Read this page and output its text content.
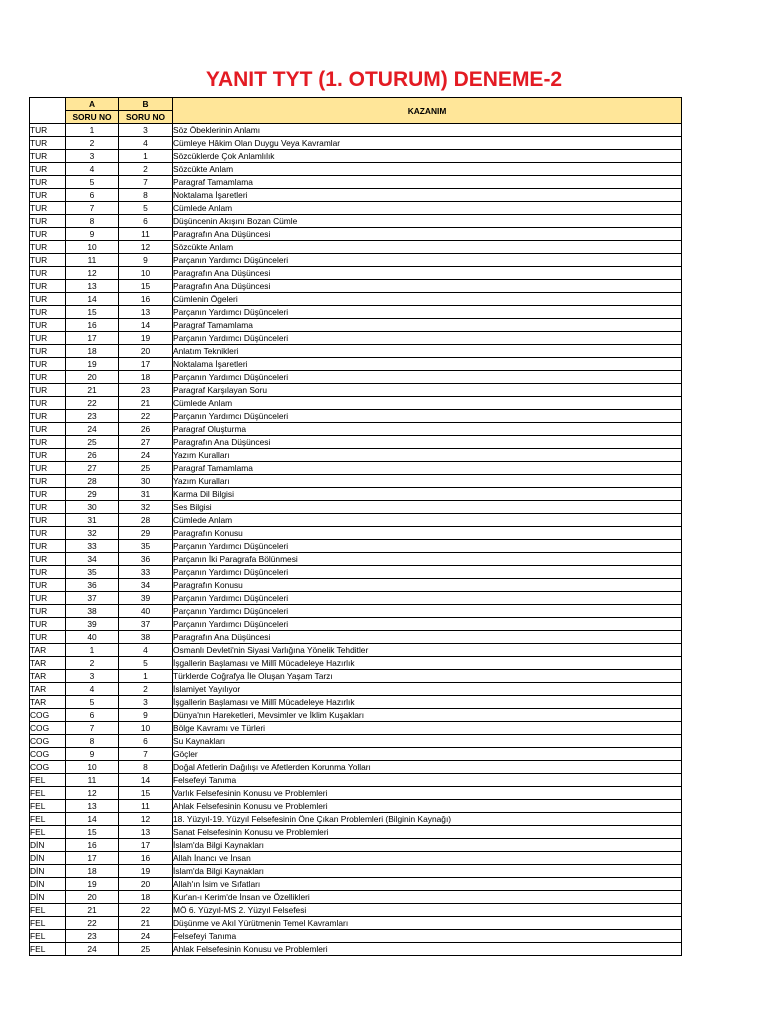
YANIT TYT (1. OTURUM) DENEME-2
	A	B	KAZANIM
	SORU NO	SORU NO	
TUR	1	3	Söz Öbeklerinin Anlamı
TUR	2	4	Cümleye Hâkim Olan Duygu Veya Kavramlar
TUR	3	1	Sözcüklerde Çok Anlamlılık
TUR	4	2	Sözcükte Anlam
TUR	5	7	Paragraf Tamamlama
TUR	6	8	Noktalama İşaretleri
TUR	7	5	Cümlede Anlam
TUR	8	6	Düşüncenin Akışını Bozan Cümle
TUR	9	11	Paragrafın Ana Düşüncesi
TUR	10	12	Sözcükte Anlam
TUR	11	9	Parçanın Yardımcı Düşünceleri
TUR	12	10	Paragrafın Ana Düşüncesi
TUR	13	15	Paragrafın Ana Düşüncesi
TUR	14	16	Cümlenin Ögeleri
TUR	15	13	Parçanın Yardımcı Düşünceleri
TUR	16	14	Paragraf Tamamlama
TUR	17	19	Parçanın Yardımcı Düşünceleri
TUR	18	20	Anlatım Teknikleri
TUR	19	17	Noktalama İşaretleri
TUR	20	18	Parçanın Yardımcı Düşünceleri
TUR	21	23	Paragraf Karşılayan Soru
TUR	22	21	Cümlede Anlam
TUR	23	22	Parçanın Yardımcı Düşünceleri
TUR	24	26	Paragraf Oluşturma
TUR	25	27	Paragrafın Ana Düşüncesi
TUR	26	24	Yazım Kuralları
TUR	27	25	Paragraf Tamamlama
TUR	28	30	Yazım Kuralları
TUR	29	31	Karma Dil Bilgisi
TUR	30	32	Ses Bilgisi
TUR	31	28	Cümlede Anlam
TUR	32	29	Paragrafın Konusu
TUR	33	35	Parçanın Yardımcı Düşünceleri
TUR	34	36	Parçanın İki Paragrafa Bölünmesi
TUR	35	33	Parçanın Yardımcı Düşünceleri
TUR	36	34	Paragrafın Konusu
TUR	37	39	Parçanın Yardımcı Düşünceleri
TUR	38	40	Parçanın Yardımcı Düşünceleri
TUR	39	37	Parçanın Yardımcı Düşünceleri
TUR	40	38	Paragrafın Ana Düşüncesi
TAR	1	4	Osmanlı Devleti'nin Siyasi Varlığına Yönelik Tehditler
TAR	2	5	İşgallerin Başlaması ve Millî Mücadeleye Hazırlık
TAR	3	1	Türklerde Coğrafya İle Oluşan Yaşam Tarzı
TAR	4	2	İslamiyet Yayılıyor
TAR	5	3	İşgallerin Başlaması ve Millî Mücadeleye Hazırlık
COG	6	9	Dünya'nın Hareketleri, Mevsimler ve İklim Kuşakları
COG	7	10	Bölge Kavramı ve Türleri
COG	8	6	Su Kaynakları
COG	9	7	Göçler
COG	10	8	Doğal Afetlerin Dağılışı ve Afetlerden Korunma Yolları
FEL	11	14	Felsefeyi Tanıma
FEL	12	15	Varlık Felsefesinin Konusu ve Problemleri
FEL	13	11	Ahlak Felsefesinin Konusu ve Problemleri
FEL	14	12	18. Yüzyıl-19. Yüzyıl Felsefesinin Öne Çıkan Problemleri (Bilginin Kaynağı)
FEL	15	13	Sanat Felsefesinin Konusu ve Problemleri
DİN	16	17	İslam'da Bilgi Kaynakları
DİN	17	16	Allah İnancı ve İnsan
DİN	18	19	İslam'da Bilgi Kaynakları
DİN	19	20	Allah'ın İsim ve Sıfatları
DİN	20	18	Kur'an-ı Kerim'de İnsan ve Özellikleri
FEL	21	22	MÖ 6. Yüzyıl-MS 2. Yüzyıl Felsefesi
FEL	22	21	Düşünme ve Akıl Yürütmenin Temel Kavramları
FEL	23	24	Felsefeyi Tanıma
FEL	24	25	Ahlak Felsefesinin Konusu ve Problemleri
